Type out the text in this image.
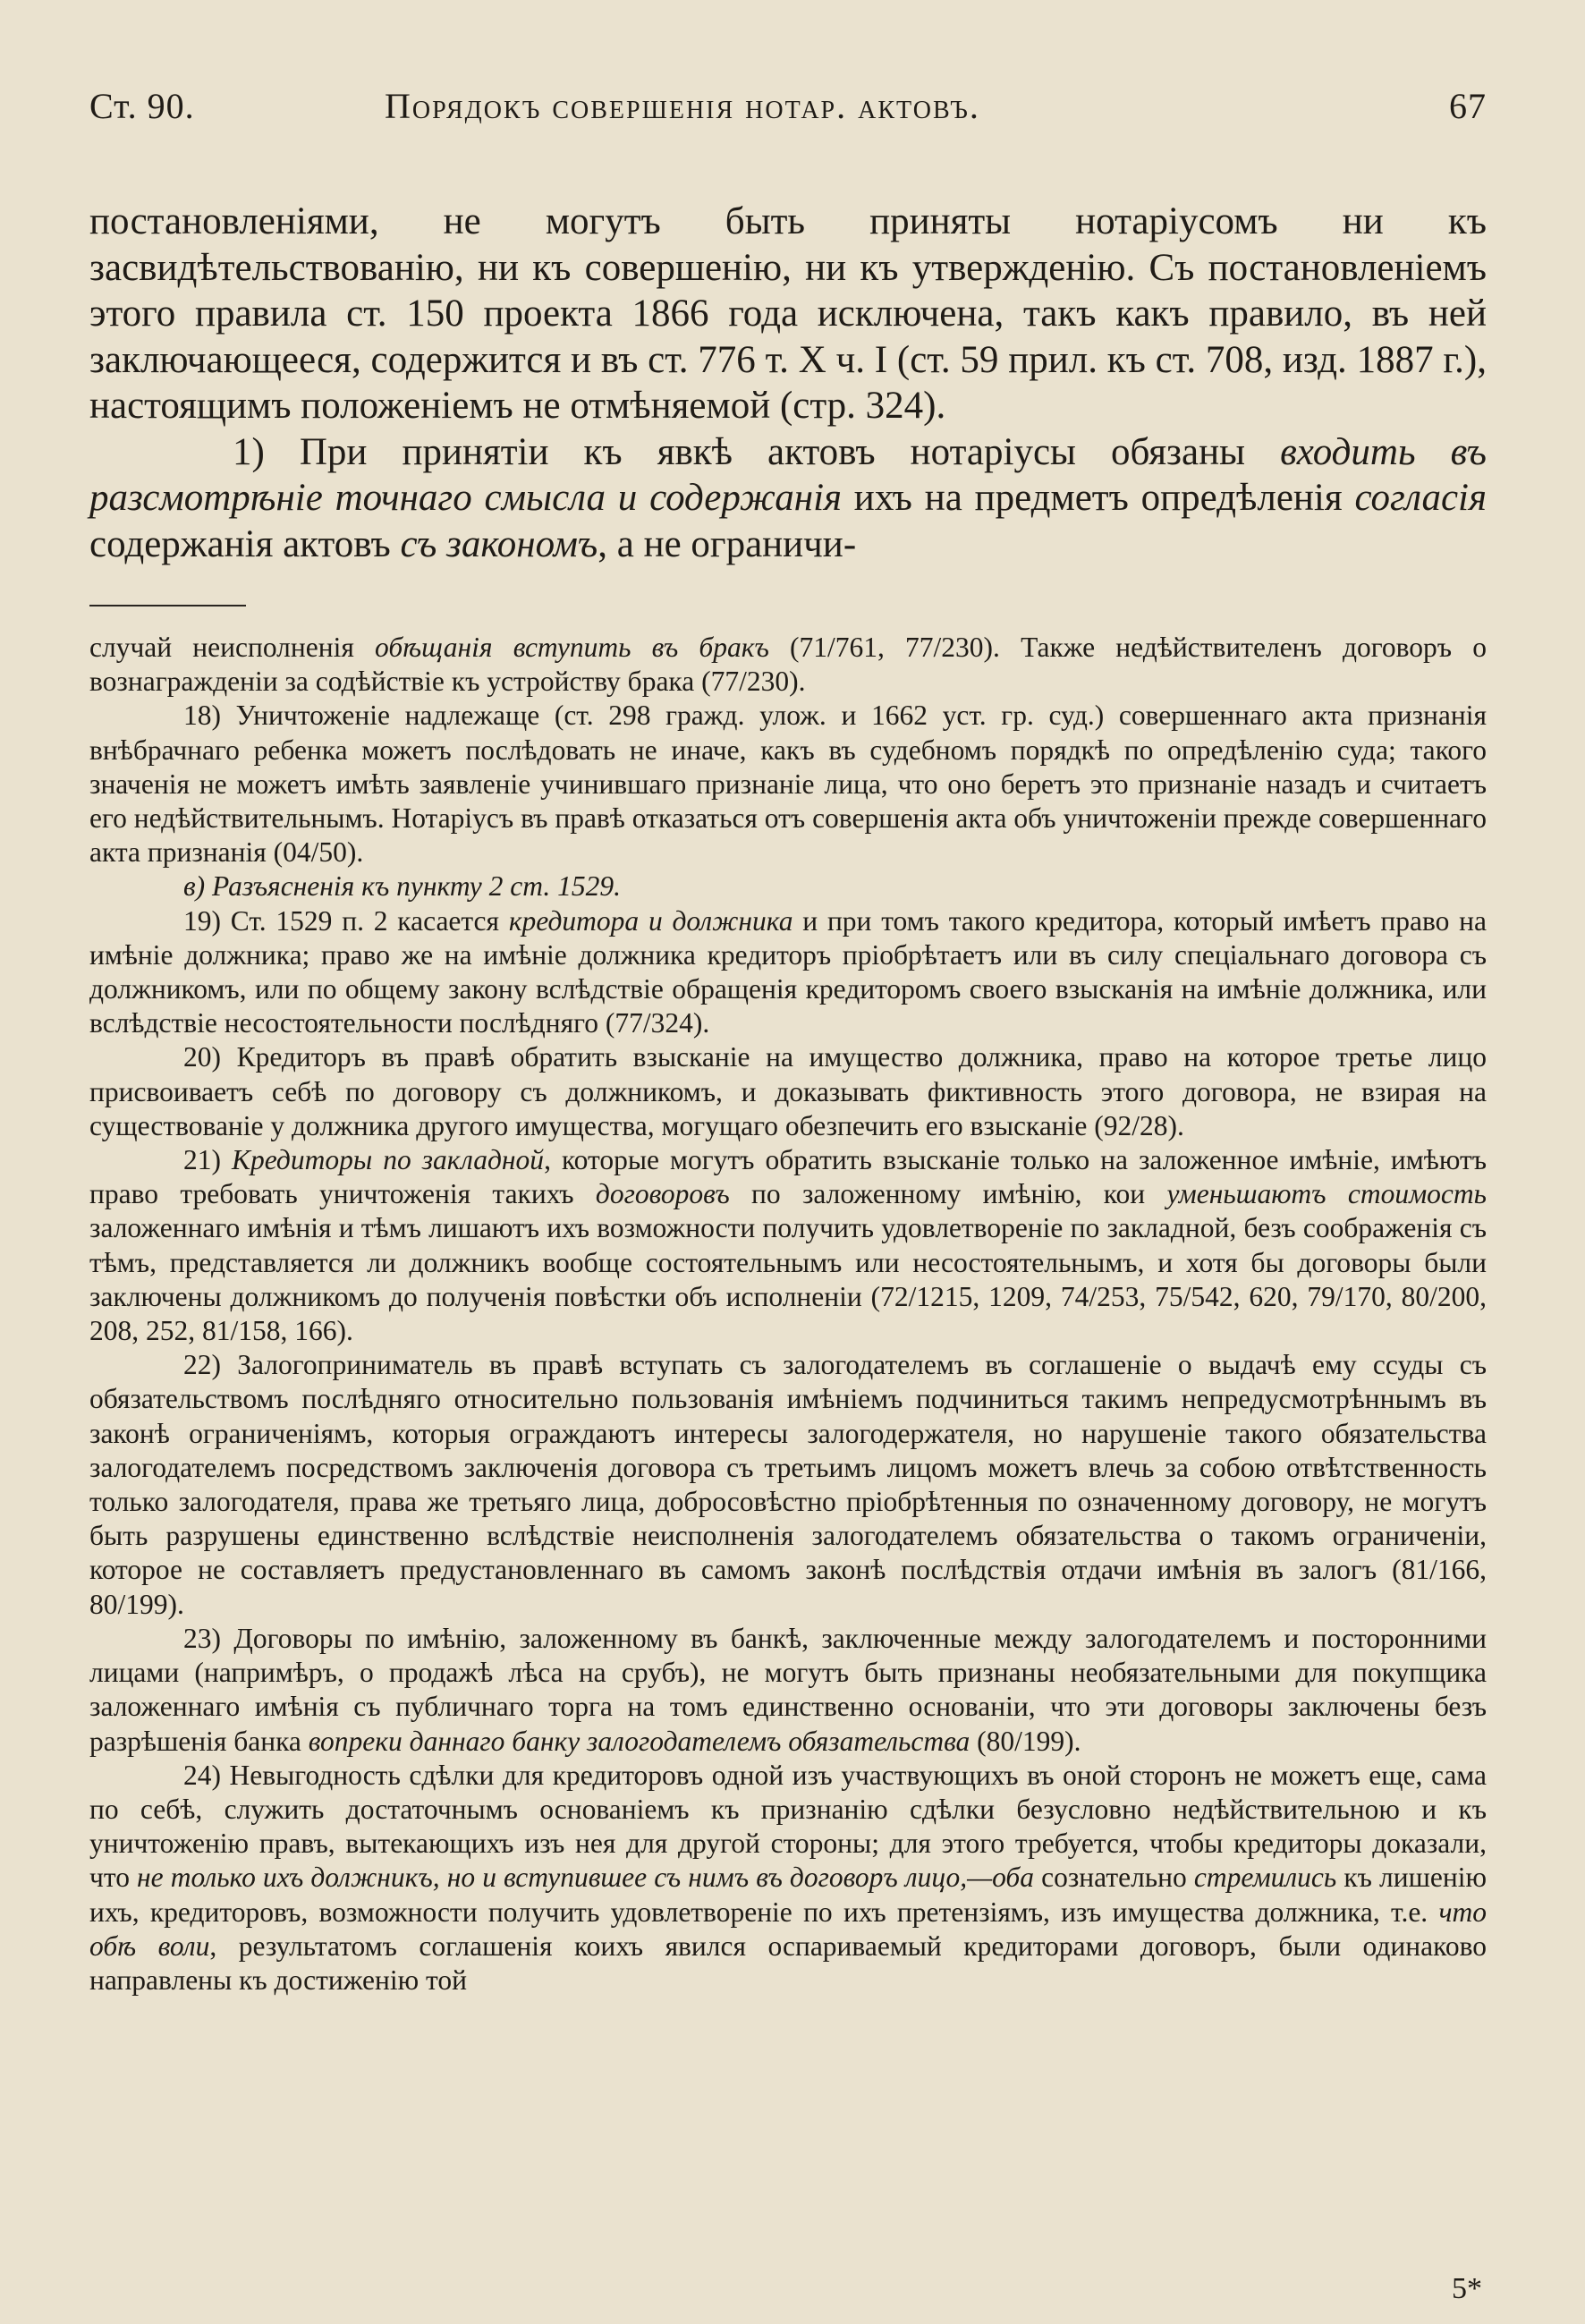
Ст. 90.	Порядокъ совершенія нотар. актовъ.	67

постановленіями, не могутъ быть приняты нотаріусомъ ни къ засвидѣтельствованію, ни къ совершенію, ни къ утвержденію. Съ постановленіемъ этого правила ст. 150 проекта 1866 года исключена, такъ какъ правило, въ ней заключающееся, содержится и въ ст. 776 т. X ч. I (ст. 59 прил. къ ст. 708, изд. 1887 г.), настоящимъ положеніемъ не отмѣняемой (стр. 324).

1) При принятіи къ явкѣ актовъ нотаріусы обязаны входить въ разсмотрѣніе точнаго смысла и содержанія ихъ на предметъ опредѣленія согласія содержанія актовъ съ закономъ, а не ограничи-

случай неисполненія обѣщанія вступить въ бракъ (71/761, 77/230). Также недѣйствителенъ договоръ о вознагражденіи за содѣйствіе къ устройству брака (77/230).

18) Уничтоженіе надлежаще (ст. 298 гражд. улож. и 1662 уст. гр. суд.) совершеннаго акта признанія внѣбрачнаго ребенка можетъ послѣдовать не иначе, какъ въ судебномъ порядкѣ по опредѣленію суда; такого значенія не можетъ имѣть заявленіе учинившаго признаніе лица, что оно беретъ это признаніе назадъ и считаетъ его недѣйствительнымъ. Нотаріусъ въ правѣ отказаться отъ совершенія акта объ уничтоженіи прежде совершеннаго акта признанія (04/50).

в) Разъясненія къ пункту 2 ст. 1529.

19) Ст. 1529 п. 2 касается кредитора и должника и при томъ такого кредитора, который имѣетъ право на имѣніе должника; право же на имѣніе должника кредиторъ пріобрѣтаетъ или въ силу спеціальнаго договора съ должникомъ, или по общему закону вслѣдствіе обращенія кредиторомъ своего взысканія на имѣніе должника, или вслѣдствіе несостоятельности послѣдняго (77/324).

20) Кредиторъ въ правѣ обратить взысканіе на имущество должника, право на которое третье лицо присвоиваетъ себѣ по договору съ должникомъ, и доказывать фиктивность этого договора, не взирая на существованіе у должника другого имущества, могущаго обезпечить его взысканіе (92/28).

21) Кредиторы по закладной, которые могутъ обратить взысканіе только на заложенное имѣніе, имѣютъ право требовать уничтоженія такихъ договоровъ по заложенному имѣнію, кои уменьшаютъ стоимость заложеннаго имѣнія и тѣмъ лишаютъ ихъ возможности получить удовлетвореніе по закладной, безъ соображенія съ тѣмъ, представляется ли должникъ вообще состоятельнымъ или несостоятельнымъ, и хотя бы договоры были заключены должникомъ до полученія повѣстки объ исполненіи (72/1215, 1209, 74/253, 75/542, 620, 79/170, 80/200, 208, 252, 81/158, 166).

22) Залогоприниматель въ правѣ вступать съ залогодателемъ въ соглашеніе о выдачѣ ему ссуды съ обязательствомъ послѣдняго относительно пользованія имѣніемъ подчиниться такимъ непредусмотрѣннымъ въ законѣ ограниченіямъ, которыя ограждаютъ интересы залогодержателя, но нарушеніе такого обязательства залогодателемъ посредствомъ заключенія договора съ третьимъ лицомъ можетъ влечь за собою отвѣтственность только залогодателя, права же третьяго лица, добросовѣстно пріобрѣтенныя по означенному договору, не могутъ быть разрушены единственно вслѣдствіе неисполненія залогодателемъ обязательства о такомъ ограниченіи, которое не составляетъ предустановленнаго въ самомъ законѣ послѣдствія отдачи имѣнія въ залогъ (81/166, 80/199).

23) Договоры по имѣнію, заложенному въ банкѣ, заключенные между залогодателемъ и посторонними лицами (напримѣръ, о продажѣ лѣса на срубъ), не могутъ быть признаны необязательными для покупщика заложеннаго имѣнія съ публичнаго торга на томъ единственно основаніи, что эти договоры заключены безъ разрѣшенія банка вопреки даннаго банку залогодателемъ обязательства (80/199).

24) Невыгодность сдѣлки для кредиторовъ одной изъ участвующихъ въ оной сторонъ не можетъ еще, сама по себѣ, служить достаточнымъ основаніемъ къ признанію сдѣлки безусловно недѣйствительною и къ уничтоженію правъ, вытекающихъ изъ нея для другой стороны; для этого требуется, чтобы кредиторы доказали, что не только ихъ должникъ, но и вступившее съ нимъ въ договоръ лицо,—оба сознательно стремились къ лишенію ихъ, кредиторовъ, возможности получить удовлетвореніе по ихъ претензіямъ, изъ имущества должника, т.е. что обѣ воли, результатомъ соглашенія коихъ явился оспариваемый кредиторами договоръ, были одинаково направлены къ достиженію той

5*
